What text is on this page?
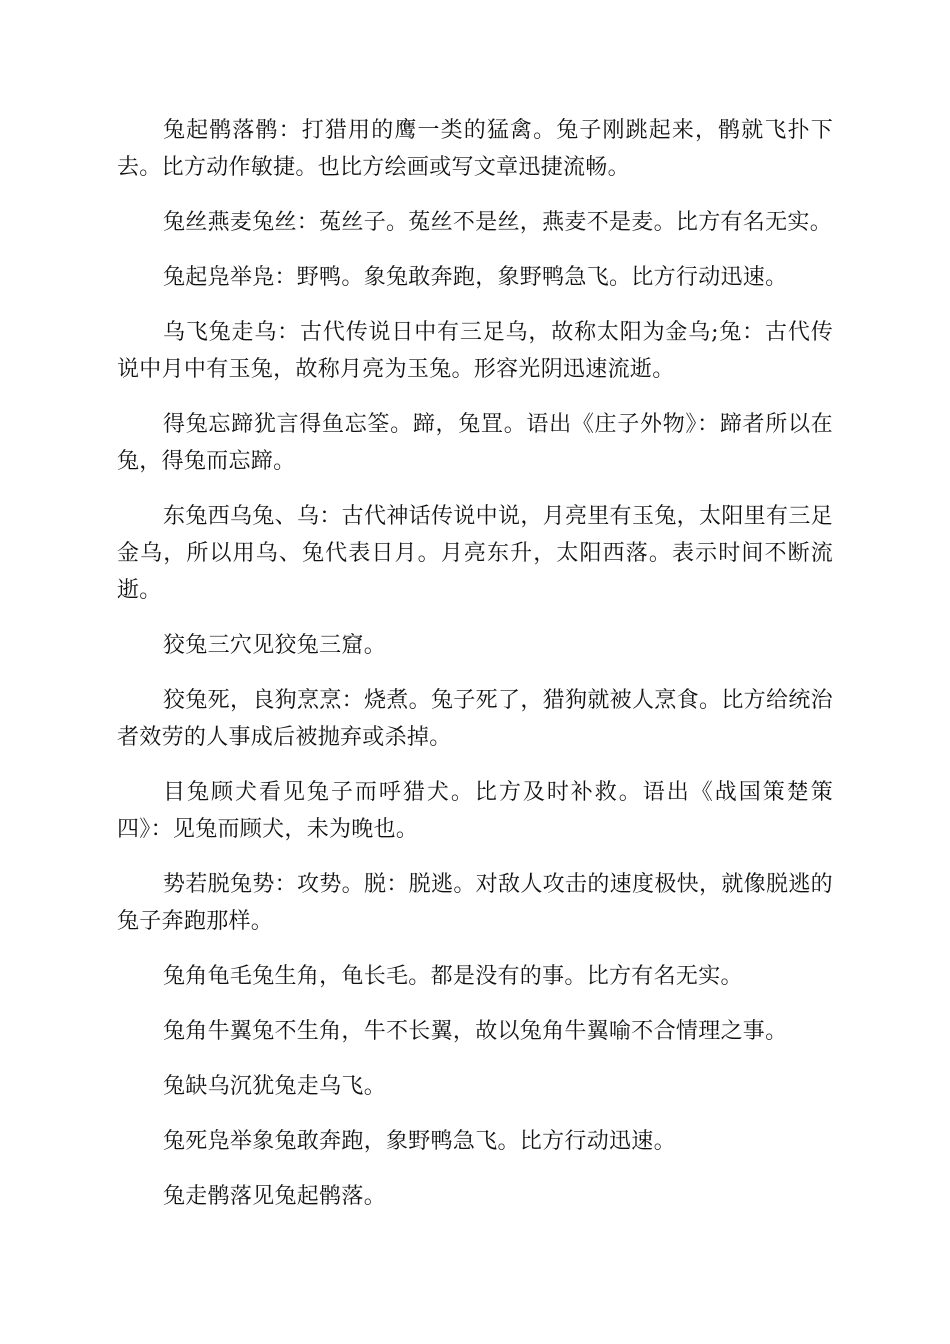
兔起鹘落鹘：打猎用的鹰一类的猛禽。兔子刚跳起来，鹘就飞扑下去。比方动作敏捷。也比方绘画或写文章迅捷流畅。

兔丝燕麦兔丝：菟丝子。菟丝不是丝，燕麦不是麦。比方有名无实。

兔起凫举凫：野鸭。象兔敢奔跑，象野鸭急飞。比方行动迅速。

乌飞兔走乌：古代传说日中有三足乌，故称太阳为金乌;兔：古代传说中月中有玉兔，故称月亮为玉兔。形容光阴迅速流逝。

得兔忘蹄犹言得鱼忘筌。蹄，兔罝。语出《庄子外物》：蹄者所以在兔，得兔而忘蹄。

东兔西乌兔、乌：古代神话传说中说，月亮里有玉兔，太阳里有三足金乌，所以用乌、兔代表日月。月亮东升，太阳西落。表示时间不断流逝。

狡兔三穴见狡兔三窟。

狡兔死，良狗烹烹：烧煮。兔子死了，猎狗就被人烹食。比方给统治者效劳的人事成后被抛弃或杀掉。

目兔顾犬看见兔子而呼猎犬。比方及时补救。语出《战国策楚策四》：见兔而顾犬，未为晚也。

势若脱兔势：攻势。脱：脱逃。对敌人攻击的速度极快，就像脱逃的兔子奔跑那样。

兔角龟毛兔生角，龟长毛。都是没有的事。比方有名无实。

兔角牛翼兔不生角，牛不长翼，故以兔角牛翼喻不合情理之事。

兔缺乌沉犹兔走乌飞。

兔死凫举象兔敢奔跑，象野鸭急飞。比方行动迅速。

兔走鹘落见兔起鹘落。
